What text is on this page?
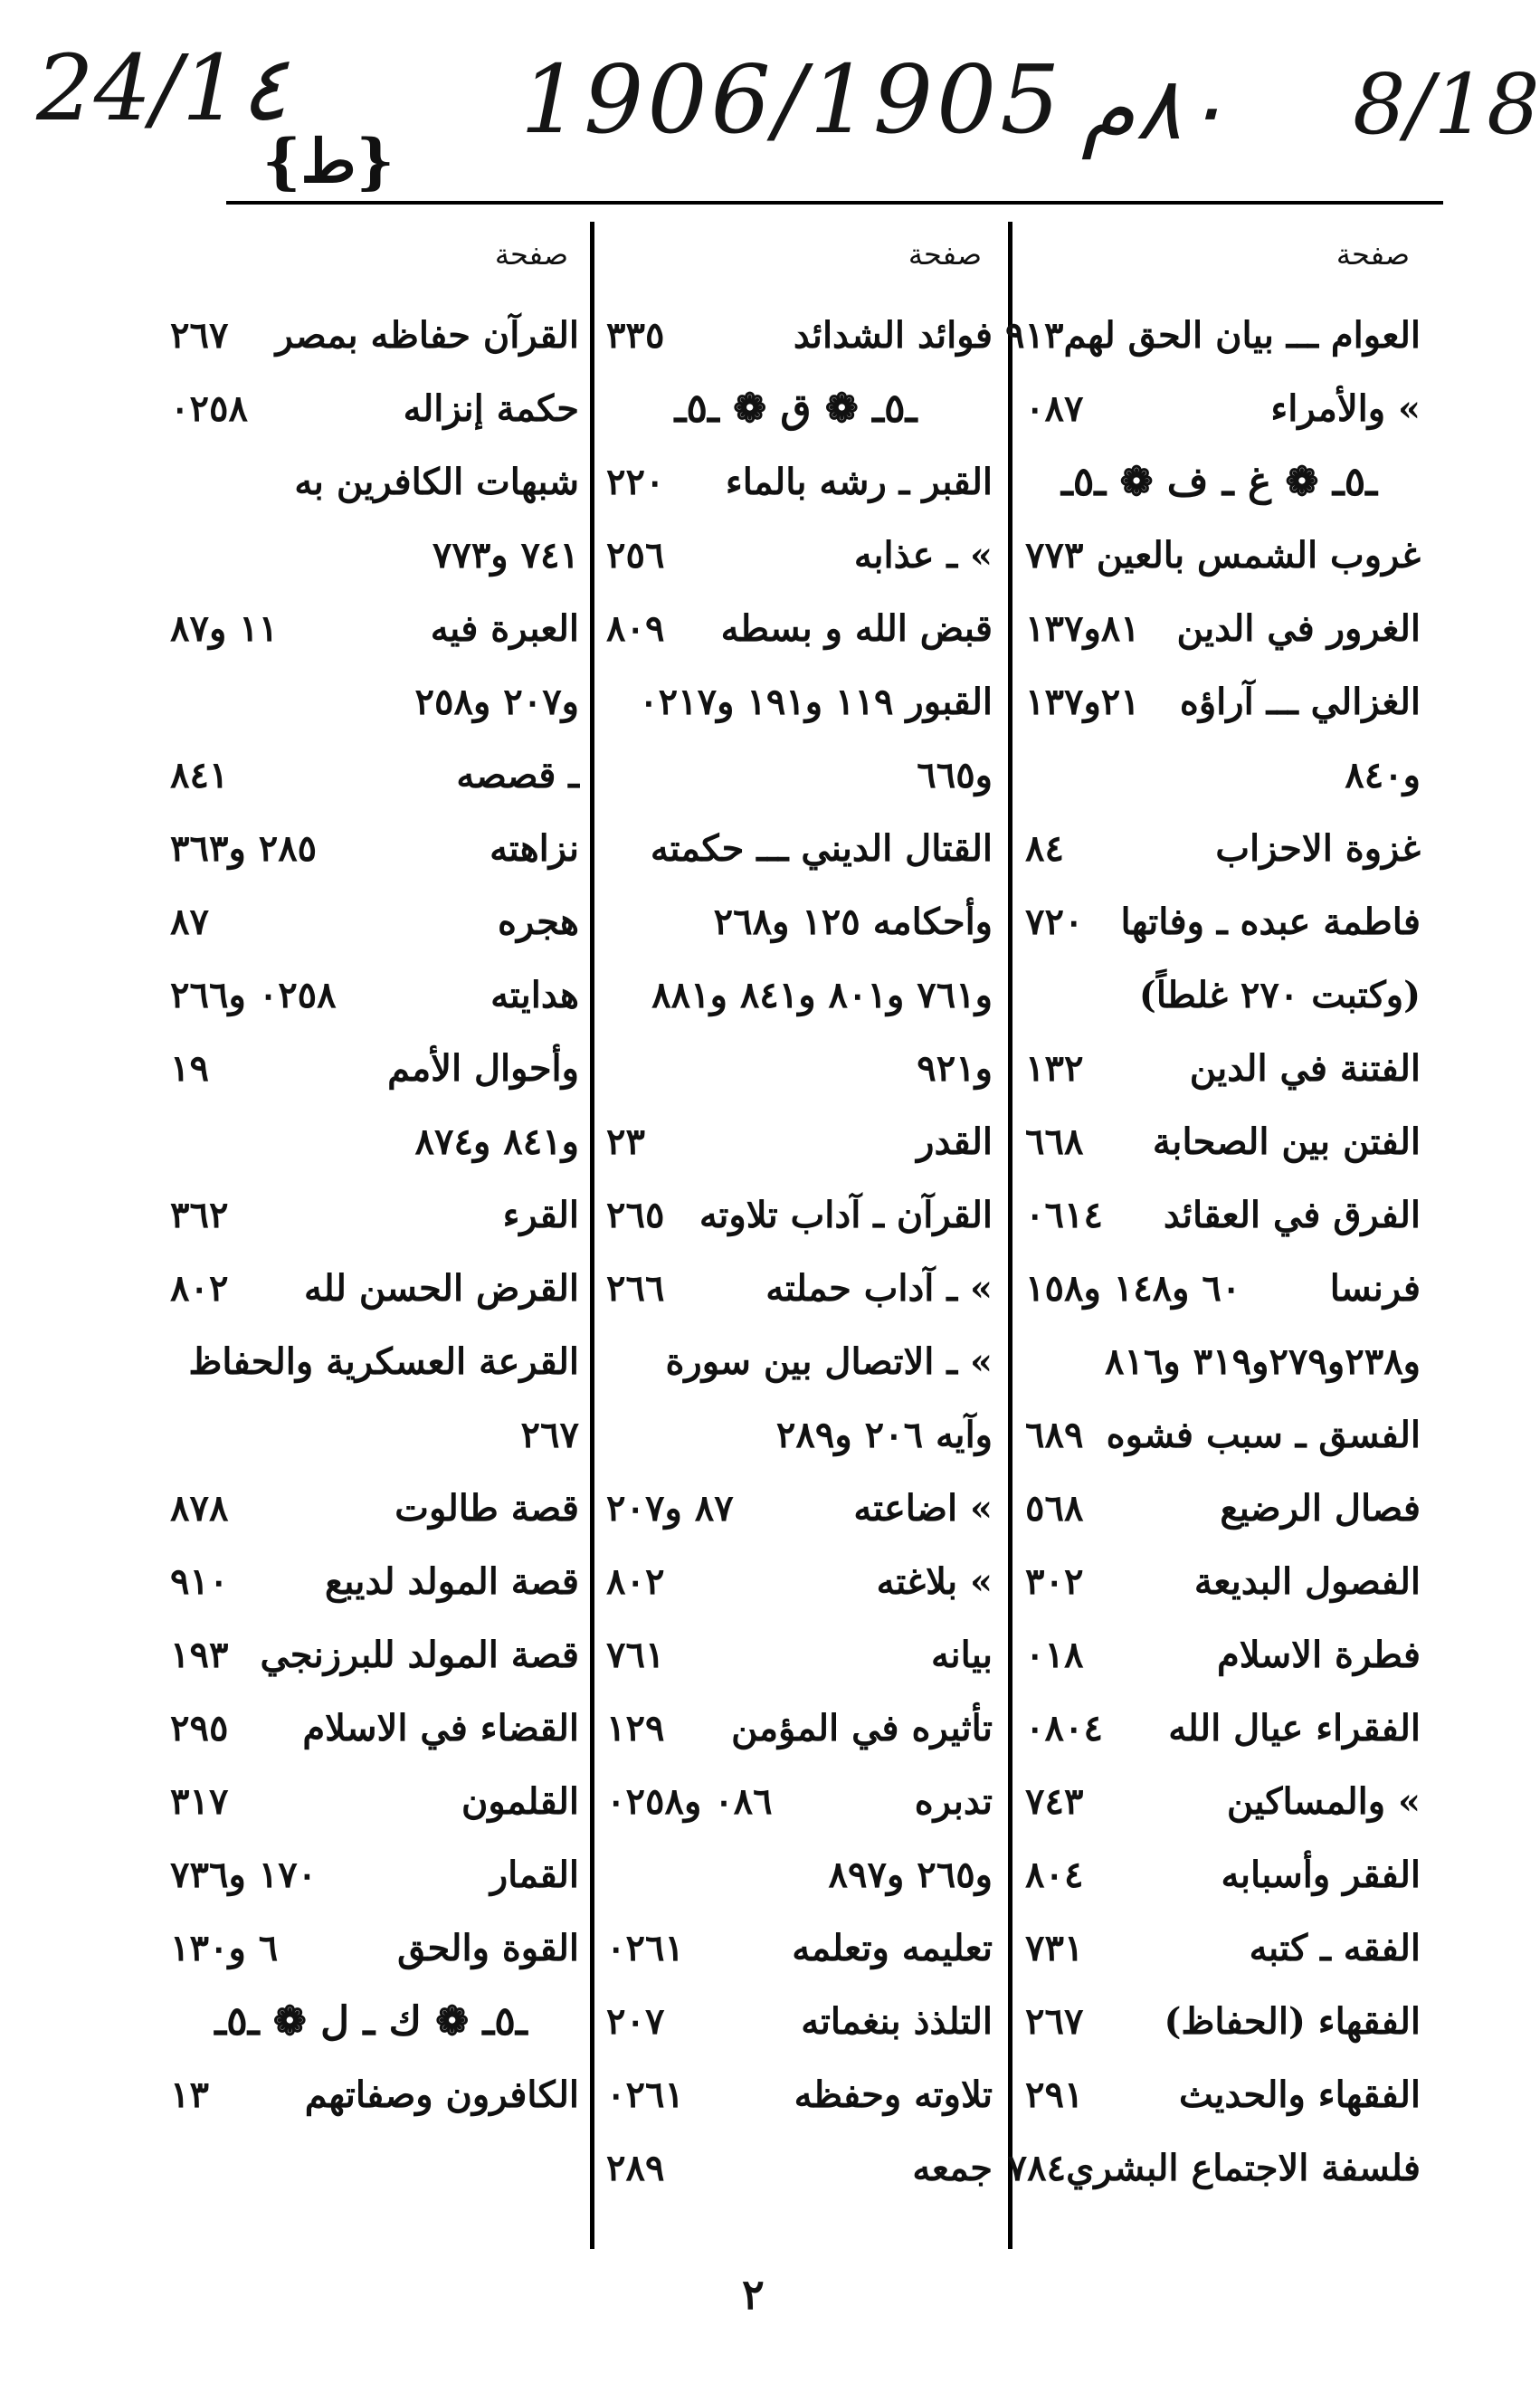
8/18
1906/1905 ٨٠م
24/1٤
{ط}
صفحة
العوام ـــ بيان الحق لهم
٩١٣
» والأمراء
٠٨٧
ـ٥ـ ❁ غ ـ ف ❁ ـ٥ـ
غروب الشمس بالعين
٧٧٣
الغرور في الدين
٨١و١٣٧
الغزالي ـــ آراؤه
٢١و١٣٧
و٨٤٠
غزوة الاحزاب
٨٤
فاطمة عبده ـ وفاتها
٧٢٠
(وكتبت ٢٧٠ غلطاً)
الفتنة في الدين
١٣٢
الفتن بين الصحابة
٦٦٨
الفرق في العقائد
٠٦١٤
فرنسا
٦٠ و١٤٨ و١٥٨
و٢٣٨و٢٧٩و٣١٩ و٨١٦
الفسق ـ سبب فشوه
٦٨٩
فصال الرضيع
٥٦٨
الفصول البديعة
٣٠٢
فطرة الاسلام
٠١٨
الفقراء عيال الله
٠٨٠٤
» والمساكين
٧٤٣
الفقر وأسبابه
٨٠٤
الفقه ـ كتبه
٧٣١
الفقهاء (الحفاظ)
٢٦٧
الفقهاء والحديث
٢٩١
فلسفة الاجتماع البشري
٧٨٤
صفحة
فوائد الشدائد
٣٣٥
ـ٥ـ ❁ ق ❁ ـ٥ـ
القبر ـ رشه بالماء
٢٢٠
» ـ عذابه
٢٥٦
قبض الله و بسطه
٨٠٩
القبور ١١٩ و١٩١ و٠٢١٧
و٦٦٥
القتال الديني ـــ حكمته
وأحكامه ١٢٥ و٢٦٨
و٧٦١ و٨٠١ و٨٤١ و٨٨١
و٩٢١
القدر
٢٣
القرآن ـ آداب تلاوته
٢٦٥
» ـ آداب حملته
٢٦٦
» ـ الاتصال بين سورة
وآيه ٢٠٦ و٢٨٩
» اضاعته
٨٧ و٢٠٧
» بلاغته
٨٠٢
بيانه
٧٦١
تأثيره في المؤمن
١٢٩
تدبره
٠٨٦ و٠٢٥٨
و٢٦٥ و٨٩٧
تعليمه وتعلمه
٠٢٦١
التلذذ بنغماته
٢٠٧
تلاوته وحفظه
٠٢٦١
جمعه
٢٨٩
صفحة
القرآن حفاظه بمصر
٢٦٧
حكمة إنزاله
٠٢٥٨
شبهات الكافرين به
٧٤١ و٧٧٣
العبرة فيه
١١ و٨٧
و٢٠٧ و٢٥٨
ـ قصصه
٨٤١
نزاهته
٢٨٥ و٣٦٣
هجره
٨٧
هدايته
٠٢٥٨ و٢٦٦
وأحوال الأمم
١٩
و٨٤١ و٨٧٤
القرء
٣٦٢
القرض الحسن لله
٨٠٢
القرعة العسكرية والحفاظ
٢٦٧
قصة طالوت
٨٧٨
قصة المولد لديبع
٩١٠
قصة المولد للبرزنجي
١٩٣
القضاء في الاسلام
٢٩٥
القلمون
٣١٧
القمار
١٧٠ و٧٣٦
القوة والحق
٦ و١٣٠
ـ٥ـ ❁ ك ـ ل ❁ ـ٥ـ
الكافرون وصفاتهم
١٣
٢
